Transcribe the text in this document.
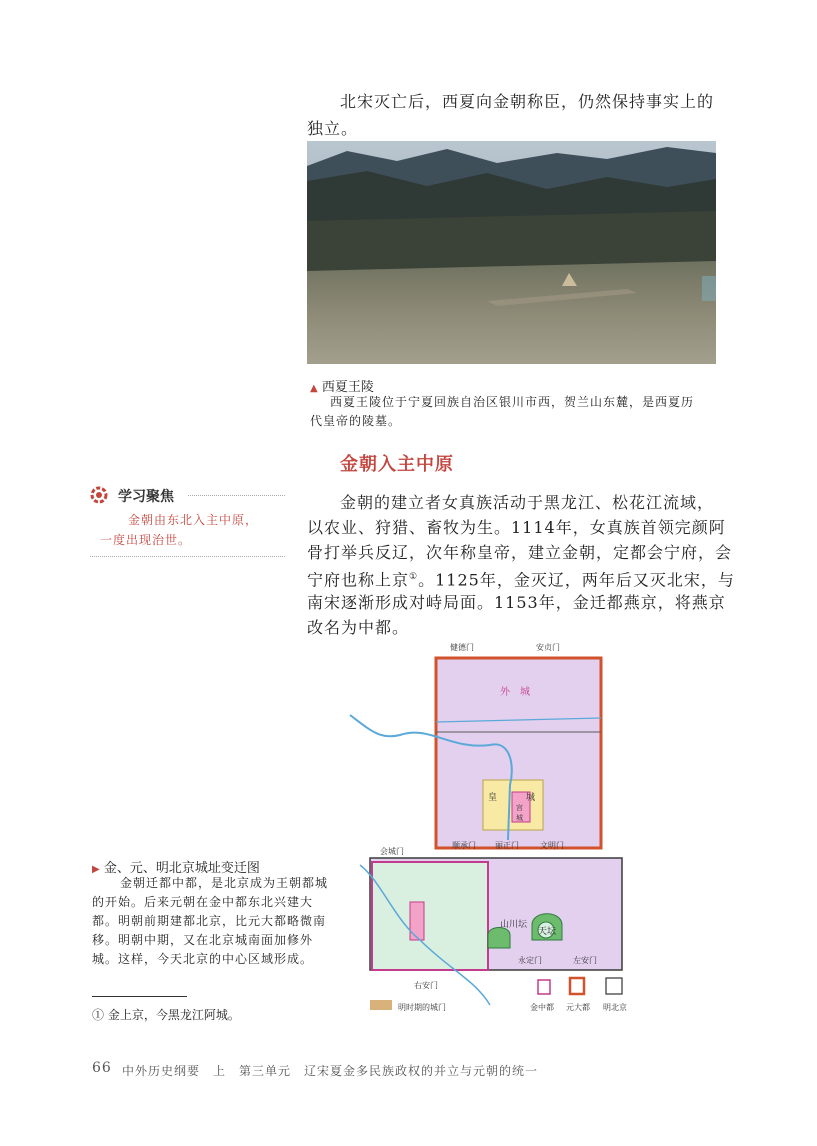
北宋灭亡后，西夏向金朝称臣，仍然保持事实上的
独立。
▲ 西夏王陵
西夏王陵位于宁夏回族自治区银川市西，贺兰山东麓，是西夏历
代皇帝的陵墓。
金朝入主中原
学习聚焦
金朝由东北入主中原，
一度出现治世。
金朝的建立者女真族活动于黑龙江、松花江流域，
以农业、狩猎、畜牧为生。1114年，女真族首领完颜阿
骨打举兵反辽，次年称皇帝，建立金朝，定都会宁府，会
宁府也称上京①。1125年，金灭辽，两年后又灭北宋，与
南宋逐渐形成对峙局面。1153年，金迁都燕京，将燕京
改名为中都。
外　城
皇	城
宫
城
山川坛
天坛
健德门	安贞门
顺承门 丽正门	文明门
会城门
右安门
永定门	左安门
明时期的城门	金中都 元大都 明北京
▶ 金、元、明北京城址变迁图
金朝迁都中都，是北京成为王朝都城
的开始。后来元朝在金中都东北兴建大
都。明朝前期建都北京，比元大都略微南
移。明朝中期，又在北京城南面加修外
城。这样，今天北京的中心区域形成。
① 金上京，今黑龙江阿城。
66 中外历史纲要　上　第三单元　辽宋夏金多民族政权的并立与元朝的统一
